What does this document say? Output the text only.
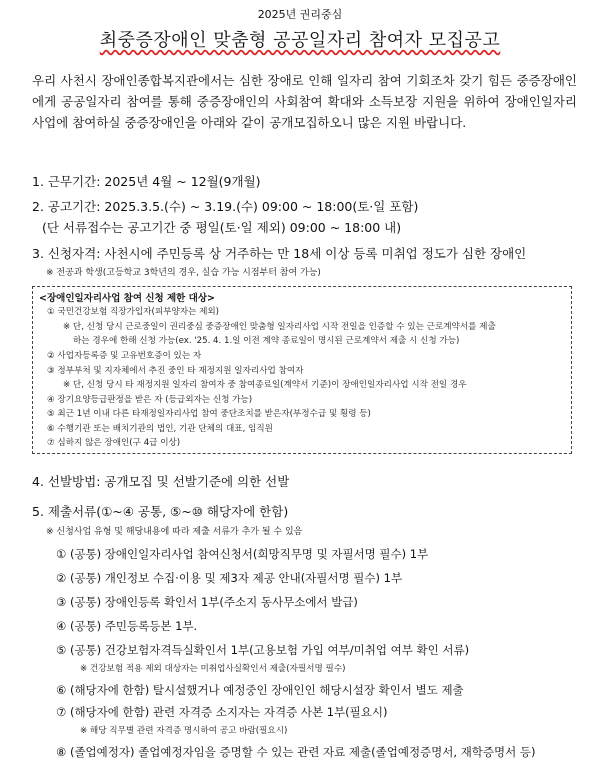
2025년 권리중심
최중증장애인 맞춤형 공공일자리 참여자 모집공고
우리 사천시 장애인종합복지관에서는 심한 장애로 인해 일자리 참여 기회조차 갖기 힘든 중증장애인에게 공공일자리 참여를 통해 중증장애인의 사회참여 확대와 소득보장 지원을 위하여 장애인일자리사업에 참여하실 중증장애인을 아래와 같이 공개모집하오니 많은 지원 바랍니다.
1. 근무기간: 2025년 4월 ~ 12월(9개월)
2. 공고기간: 2025.3.5.(수) ~ 3.19.(수) 09:00 ~ 18:00(토·일 포함)
(단 서류접수는 공고기간 중 평일(토·일 제외) 09:00 ~ 18:00 내)
3. 신청자격: 사천시에 주민등록 상 거주하는 만 18세 이상 등록 미취업 정도가 심한 장애인
※ 전공과 학생(고등학교 3학년의 경우, 실습 가능 시점부터 참여 가능)
<장애인일자리사업 참여 신청 제한 대상>
① 국민건강보험 직장가입자(피부양자는 제외)
※ 단, 신청 당시 근로중일이 권리중심 중증장애인 맞춤형 일자리사업 시작 전일을 인증할 수 있는 근로계약서를 제출
하는 경우에 한해 신청 가능(ex. '25. 4. 1.일 이전 계약 종료일이 명시된 근로계약서 제출 시 신청 가능)
② 사업자등록증 및 고유번호증이 있는 자
③ 정부부처 및 지자체에서 추진 중인 타 재정지원 일자리사업 참여자
※ 단, 신청 당시 타 재정지원 일자리 참여자 중 참여종료일(계약서 기준)이 장애인일자리사업 시작 전일 경우
④ 장기요양등급판정을 받은 자 (등급외자는 신청 가능)
⑤ 최근 1년 이내 다른 타재정일자리사업 참여 중단조치를 받은자(부정수급 및 횡령 등)
⑥ 수행기관 또는 배치기관의 법인, 기관 단체의 대표, 임직원
⑦ 심하지 않은 장애인(구 4급 이상)
4. 선발방법: 공개모집 및 선발기준에 의한 선발
5. 제출서류(①~④ 공통, ⑤~⑩ 해당자에 한함)
※ 신청사업 유형 및 해당내용에 따라 제출 서류가 추가 될 수 있음
① (공통) 장애인일자리사업 참여신청서(희망직무명 및 자필서명 필수) 1부
② (공통) 개인정보 수집·이용 및 제3자 제공 안내(자필서명 필수) 1부
③ (공통) 장애인등록 확인서 1부(주소지 동사무소에서 발급)
④ (공통) 주민등록등본 1부.
⑤ (공통) 건강보험자격득실확인서 1부(고용보험 가입 여부/미취업 여부 확인 서류)
※ 건강보험 적용 제외 대상자는 미취업사실확인서 제출(자필서명 필수)
⑥ (해당자에 한함) 탈시설했거나 예정중인 장애인인 해당시설장 확인서 별도 제출
⑦ (해당자에 한함) 관련 자격증 소지자는 자격증 사본 1부(필요시)
※ 해당 직무별 관련 자격증 명시하여 공고 바람(필요시)
⑧ (졸업예정자) 졸업예정자임을 증명할 수 있는 관련 자료 제출(졸업예정증명서, 재학증명서 등)
